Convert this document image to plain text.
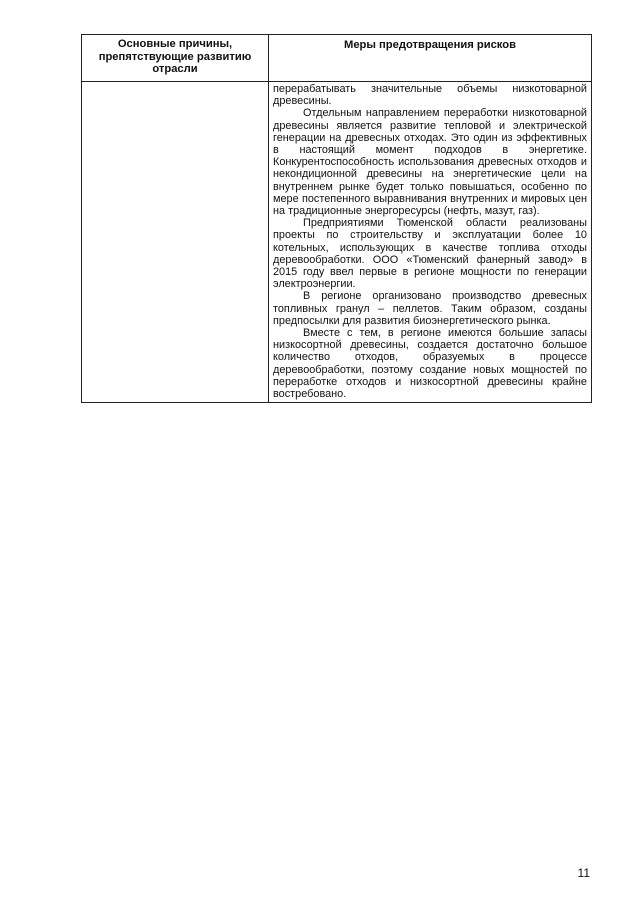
Основные причины, препятствующие развитию отрасли	Меры предотвращения рисков

	перерабатывать значительные объемы низкотоварной древесины.

Отдельным направлением переработки низкотоварной древесины является развитие тепловой и электрической генерации на древесных отходах. Это один из эффективных в настоящий момент подходов в энергетике. Конкурентоспособность использования древесных отходов и некондиционной древесины на энергетические цели на внутреннем рынке будет только повышаться, особенно по мере постепенного выравнивания внутренних и мировых цен на традиционные энергоресурсы (нефть, мазут, газ).

Предприятиями Тюменской области реализованы проекты по строительству и эксплуатации более 10 котельных, использующих в качестве топлива отходы деревообработки. ООО «Тюменский фанерный завод» в 2015 году ввел первые в регионе мощности по генерации электроэнергии.

В регионе организовано производство древесных топливных гранул – пеллетов. Таким образом, созданы предпосылки для развития биоэнергетического рынка.

Вместе с тем, в регионе имеются большие запасы низкосортной древесины, создается достаточно большое количество отходов, образуемых в процессе деревообработки, поэтому создание новых мощностей по переработке отходов и низкосортной древесины крайне востребовано.

11
